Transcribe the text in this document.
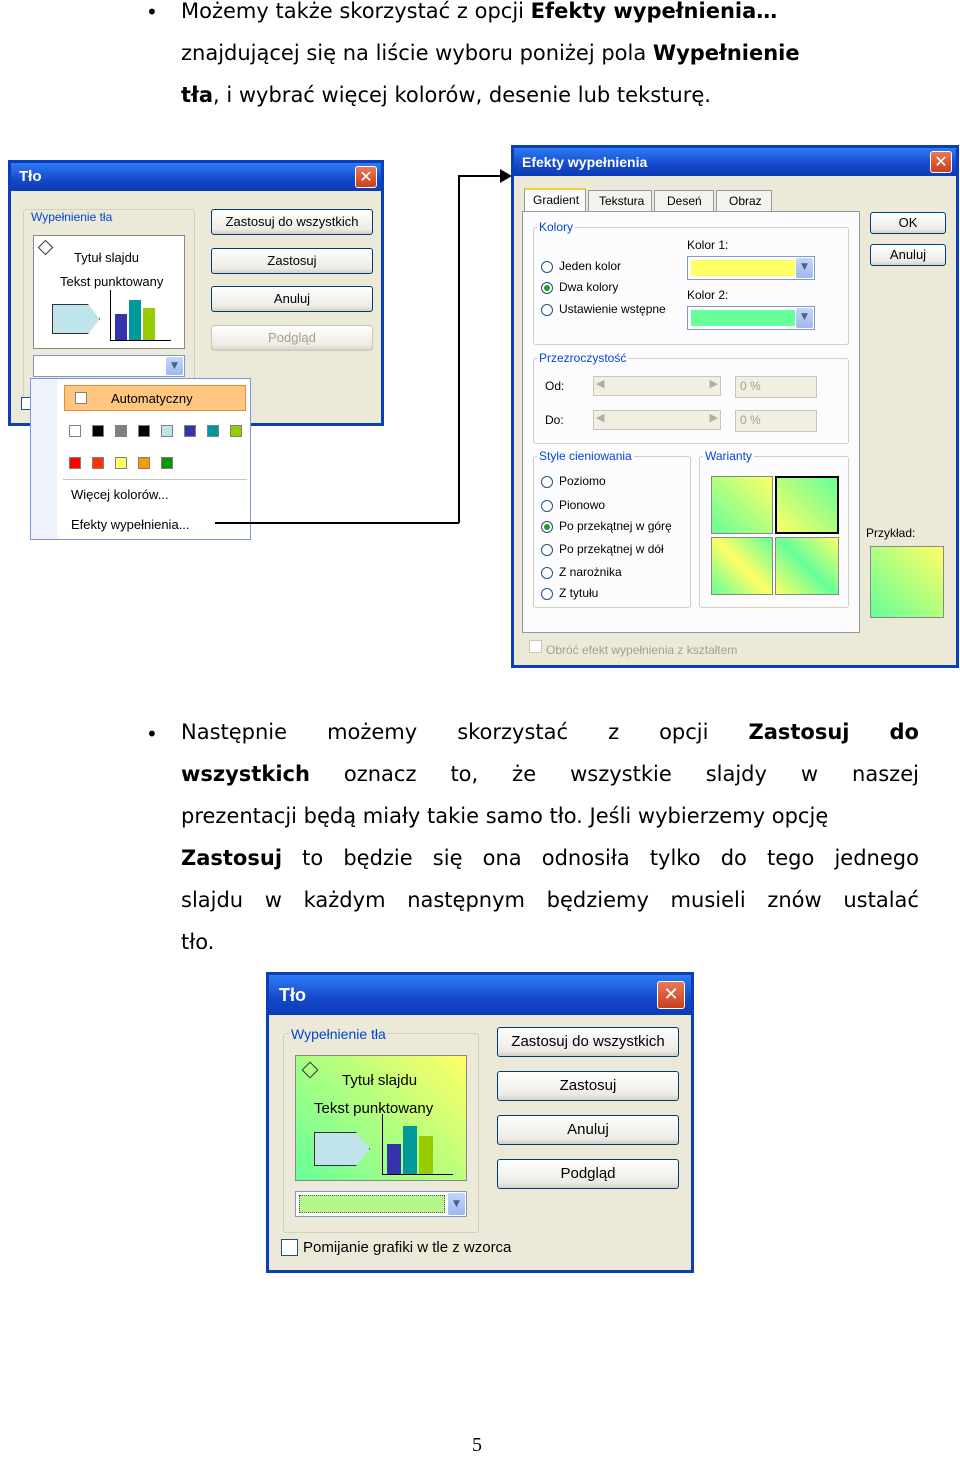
• Możemy także skorzystać z opcji Efekty wypełnienia…
znajdującej się na liście wyboru poniżej pola Wypełnienie
tła, i wybrać więcej kolorów, desenie lub teksturę.
Tło	✕
Wypełnienie tła
Tytuł slajdu
Tekst punktowany
▼
Zastosuj do wszystkich
Zastosuj
Anuluj
Podgląd
Automatyczny
Więcej kolorów...
Efekty wypełnienia...
Efekty wypełnienia	✕
Gradient Tekstura Deseń Obraz
Kolory
Jeden kolor
Dwa kolory
Ustawienie wstępne
Kolor 1:
▼
Kolor 2:
▼
Przezroczystość
Od:	◀	▶ 0 %
Do:	◀	▶ 0 %
Style cieniowania
Poziomo
Pionowo
Po przekątnej w górę
Po przekątnej w dół
Z narożnika
Z tytułu
Warianty
Obróć efekt wypełnienia z kształtem
OK
Anuluj
Przykład:
• Następnie możemy skorzystać z opcji Zastosuj do
wszystkich oznacz to, że wszystkie slajdy w naszej
prezentacji będą miały takie samo tło. Jeśli wybierzemy opcję
Zastosuj to będzie się ona odnosiła tylko do tego jednego
slajdu w każdym następnym będziemy musieli znów ustalać
tło.
Tło	✕
Wypełnienie tła
Tytuł slajdu
Tekst punktowany
▼
Zastosuj do wszystkich
Zastosuj
Anuluj
Podgląd
Pomijanie grafiki w tle z wzorca
5
